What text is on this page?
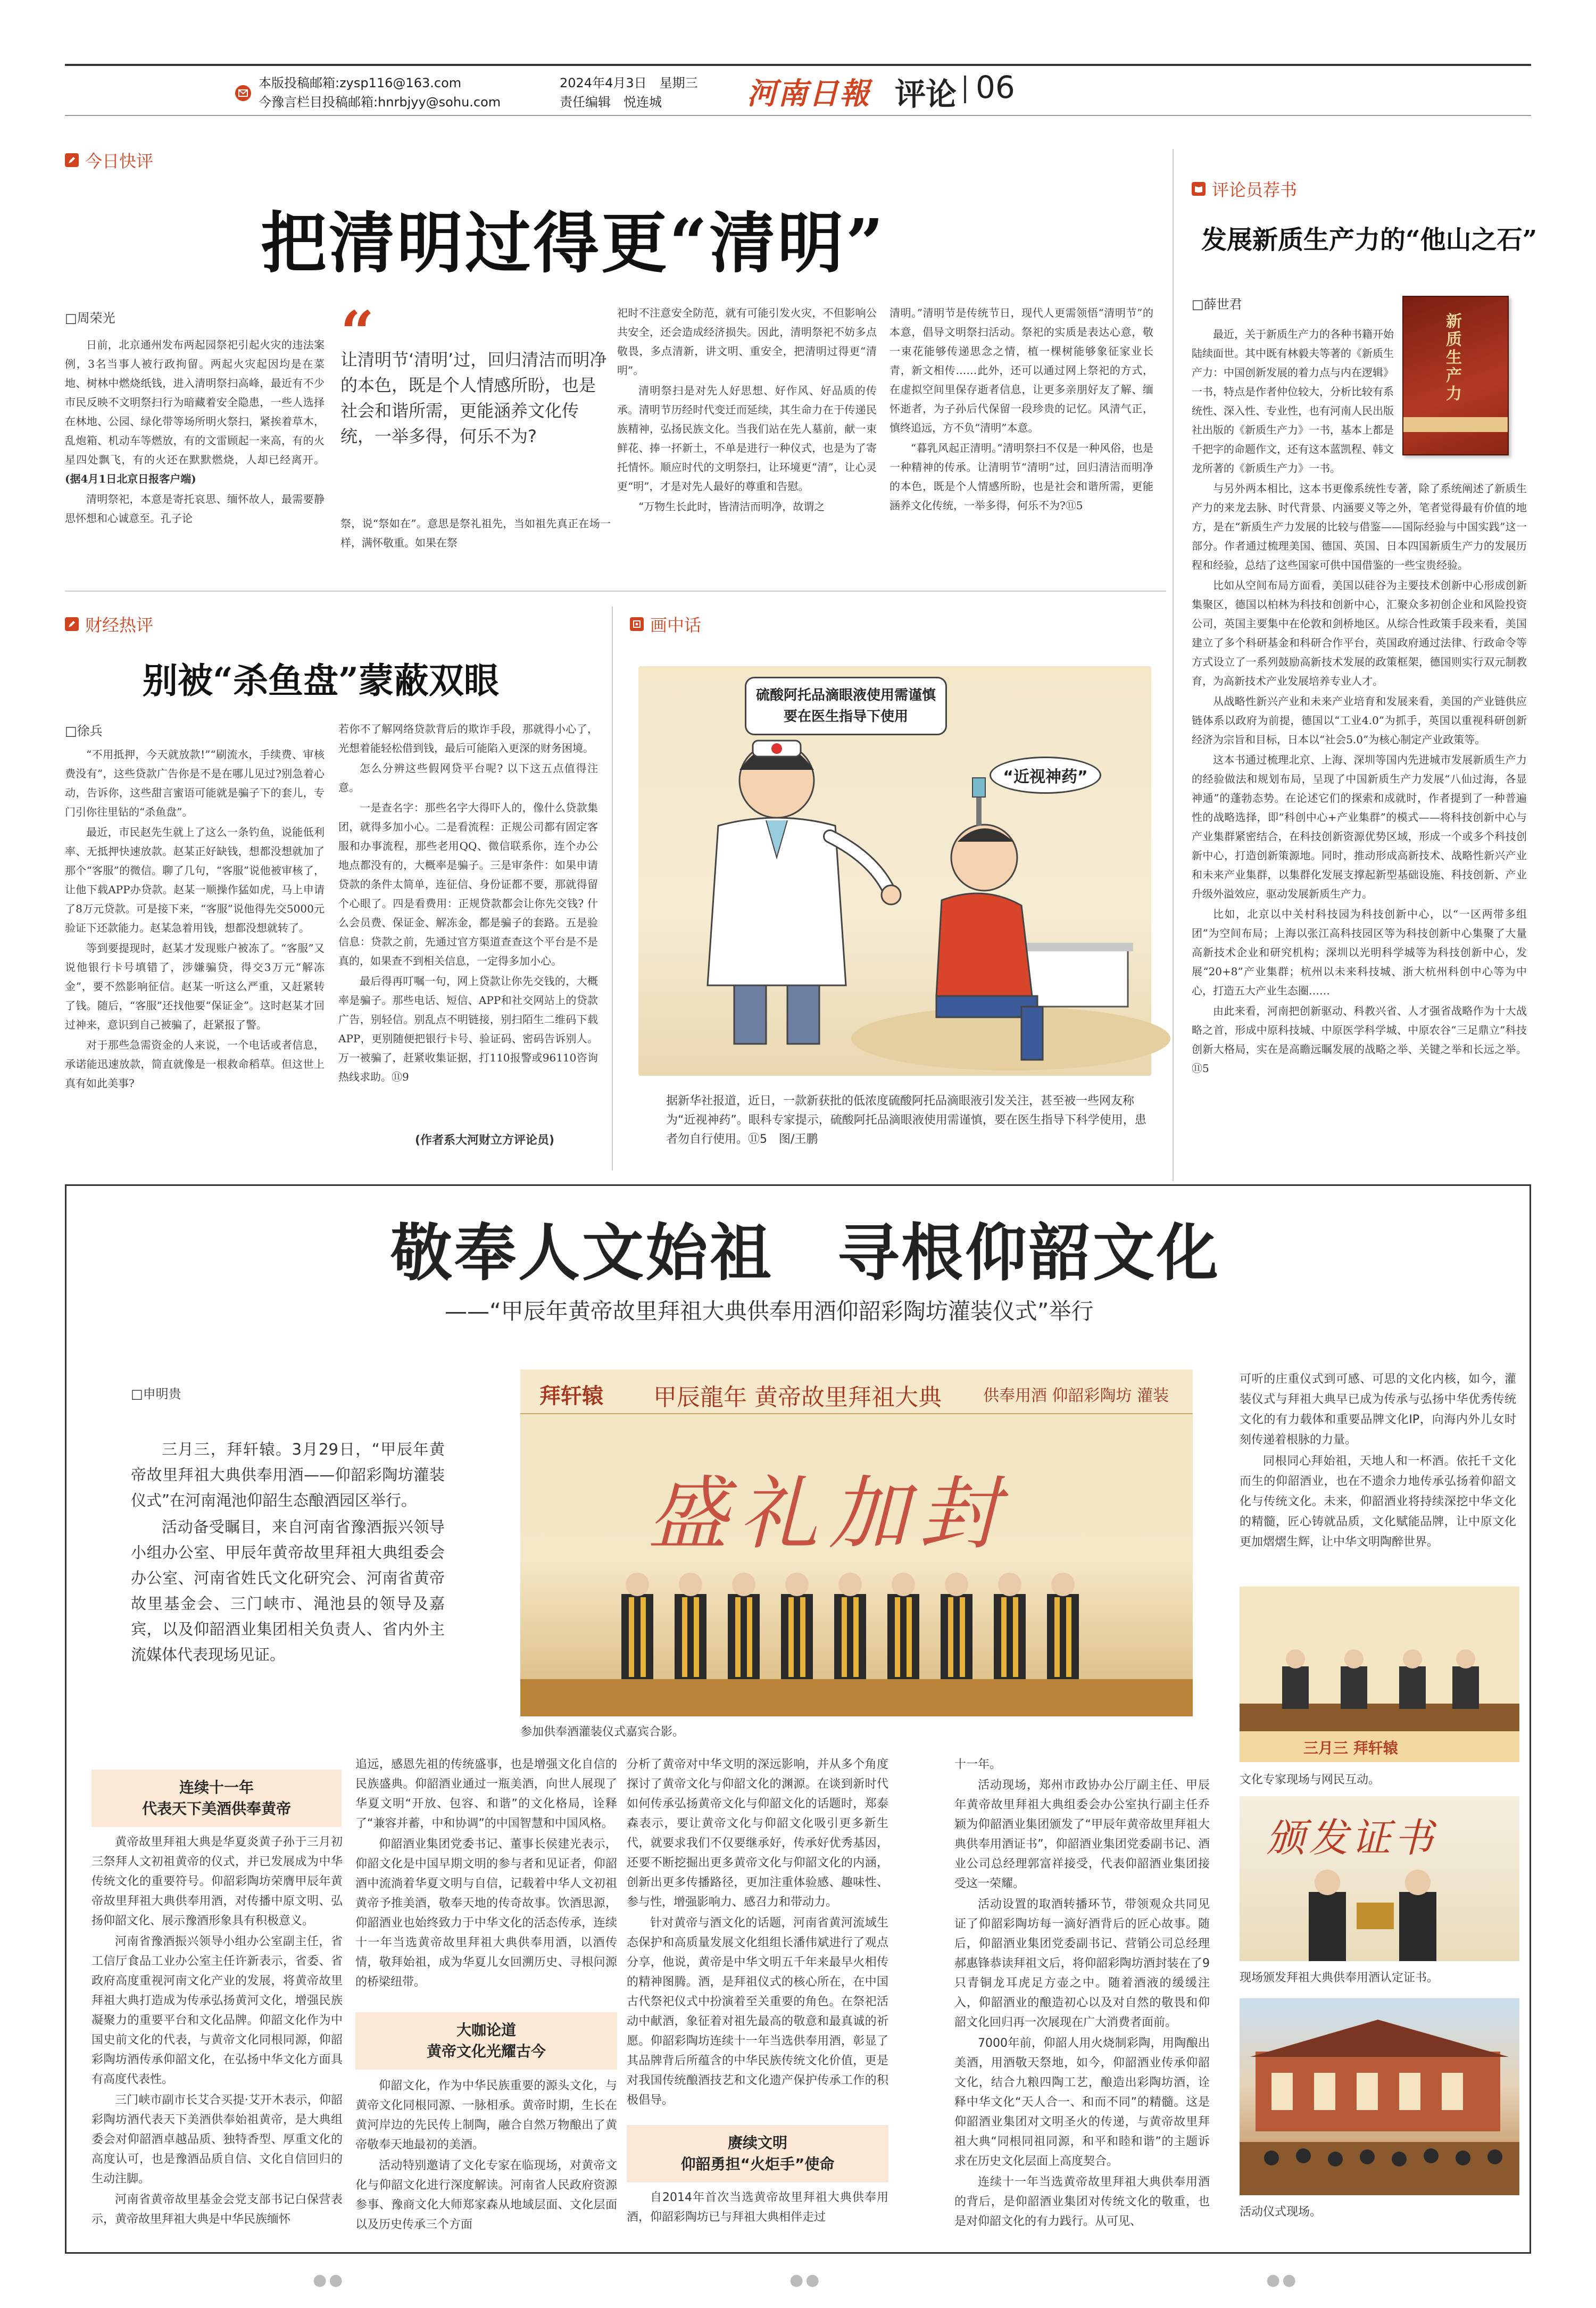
本版投稿邮箱:zysp116@163.com
今豫言栏目投稿邮箱:hnrbjyy@sohu.com
2024年4月3日　星期三
责任编辑　悦连城	河南日報 评论 06
今日快评
把清明过得更“清明”
□周荣光

日前，北京通州发布两起园祭祀引起火灾的违法案例，3名当事人被行政拘留。两起火灾起因均是在菜地、树林中燃烧纸钱，进入清明祭扫高峰，最近有不少市民反映不文明祭扫行为暗藏着安全隐患，一些人选择在林地、公园、绿化带等场所明火祭扫，紧挨着草木，乱炮箱、机动车等燃放，有的文雷顾起一来高，有的火星四处飘飞，有的火还在默默燃烧，人却已经离开。(据4月1日北京日报客户端)

清明祭祀，本意是寄托哀思、缅怀故人，最需要静思怀想和心诚意至。孔子论

“
让清明节‘清明’过，回归清洁而明净的本色，既是个人情感所盼，也是社会和谐所需，更能涵养文化传统，一举多得，何乐不为?

祭，说“祭如在”。意思是祭礼祖先，当如祖先真正在场一样，满怀敬重。如果在祭

祀时不注意安全防范，就有可能引发火灾，不但影响公共安全，还会造成经济损失。因此，清明祭祀不妨多点敬畏，多点清新，讲文明、重安全，把清明过得更“清明”。

清明祭扫是对先人好思想、好作风、好品质的传承。清明节历经时代变迁而延续，其生命力在于传递民族精神，弘扬民族文化。当我们站在先人墓前，献一束鲜花、捧一抔新土，不单是进行一种仪式，也是为了寄托情怀。顺应时代的文明祭扫，让环境更“清”，让心灵更“明”，才是对先人最好的尊重和告慰。

“万物生长此时，皆清洁而明净，故谓之

清明。”清明节是传统节日，现代人更需领悟“清明节”的本意，倡导文明祭扫活动。祭祀的实质是表达心意，敬一束花能够传递思念之情，植一棵树能够象征家业长青，新文相传……此外，还可以通过网上祭祀的方式，在虚拟空间里保存逝者信息，让更多亲朋好友了解、缅怀逝者，为子孙后代保留一段珍贵的记忆。风清气正，慎终追远，方不负“清明”本意。

“暮乳风起正清明。”清明祭扫不仅是一种风俗，也是一种精神的传承。让清明节“清明”过，回归清洁而明净的本色，既是个人情感所盼，也是社会和谐所需，更能涵养文化传统，一举多得，何乐不为?⑪5

财经热评
别被“杀鱼盘”蒙蔽双眼
□徐兵

“不用抵押，今天就放款!”“刷流水，手续费、审核费没有”，这些贷款广告你是不是在哪儿见过?别急着心动，告诉你，这些甜言蜜语可能就是骗子下的套儿，专门引你往里钻的“杀鱼盘”。

最近，市民赵先生就上了这么一条钓鱼，说能低利率、无抵押快速放款。赵某正好缺钱，想都没想就加了那个“客服”的微信。聊了几句，“客服”说他被审核了，让他下载APP办贷款。赵某一顺操作猛如虎，马上申请了8万元贷款。可是接下来，“客服”说他得先交5000元验证下还款能力。赵某急着用钱，想都没想就转了。

等到要提现时，赵某才发现账户被冻了。“客服”又说他银行卡号填错了，涉嫌骗贷，得交3万元“解冻金”，要不然影响征信。赵某一听这么严重，又赶紧转了钱。随后，“客服”还找他要“保证金”。这时赵某才回过神来，意识到自己被骗了，赶紧报了警。

对于那些急需资金的人来说，一个电话或者信息，承诺能迅速放款，简直就像是一根救命稻草。但这世上真有如此美事?

若你不了解网络贷款背后的欺诈手段，那就得小心了，光想着能轻松借到钱，最后可能陷入更深的财务困境。

怎么分辨这些假网贷平台呢? 以下这五点值得注意。

一是查名字：那些名字大得吓人的，像什么贷款集团，就得多加小心。二是看流程：正规公司都有固定客服和办事流程，那些老用QQ、微信联系你，连个办公地点都没有的，大概率是骗子。三是审条件：如果申请贷款的条件太简单，连征信、身份证都不要，那就得留个心眼了。四是看费用：正规贷款都会让你先交钱? 什么会员费、保证金、解冻金，都是骗子的套路。五是验信息：贷款之前，先通过官方渠道查查这个平台是不是真的，如果查不到相关信息，一定得多加小心。

最后得再叮嘱一句，网上贷款让你先交钱的，大概率是骗子。那些电话、短信、APP和社交网站上的贷款广告，别轻信。别乱点不明链接，别扫陌生二维码下载APP，更别随便把银行卡号、验证码、密码告诉别人。万一被骗了，赶紧收集证据，打110报警或96110咨询热线求助。⑪9

(作者系大河财立方评论员)
画中话
硫酸阿托品滴眼液使用需谨慎要在医生指导下使用
“近视神药”
据新华社报道，近日，一款新获批的低浓度硫酸阿托品滴眼液引发关注，甚至被一些网友称为“近视神药”。眼科专家提示，硫酸阿托品滴眼液使用需谨慎，要在医生指导下科学使用，患者勿自行使用。⑪5　图/王鹏
评论员荐书
发展新质生产力的“他山之石”
□薛世君
新质生产力

最近，关于新质生产力的各种书籍开始陆续面世。其中既有林毅夫等著的《新质生产力：中国创新发展的着力点与内在逻辑》一书，特点是作者仲位较大，分析比较有系统性、深入性、专业性，也有河南人民出版社出版的《新质生产力》一书，基本上都是千把字的命题作文，还有这本蓝凯程、韩文龙所著的《新质生产力》一书。

与另外两本相比，这本书更像系统性专著，除了系统阐述了新质生产力的来龙去脉、时代背景、内涵要义等之外，笔者觉得最有价值的地方，是在“新质生产力发展的比较与借鉴——国际经验与中国实践”这一部分。作者通过梳理美国、德国、英国、日本四国新质生产力的发展历程和经验，总结了这些国家可供中国借鉴的一些宝贵经验。

比如从空间布局方面看，美国以硅谷为主要技术创新中心形成创新集聚区，德国以柏林为科技和创新中心，汇聚众多初创企业和风险投资公司，英国主要集中在伦敦和剑桥地区。从综合性政策手段来看，美国建立了多个科研基金和科研合作平台，英国政府通过法律、行政命令等方式设立了一系列鼓励高新技术发展的政策框架，德国则实行双元制教育，为高新技术产业发展培养专业人才。

从战略性新兴产业和未来产业培育和发展来看，美国的产业链供应链体系以政府为前提，德国以“工业4.0”为抓手，英国以重视科研创新经济为宗旨和目标，日本以“社会5.0”为核心制定产业政策等。

这本书通过梳理北京、上海、深圳等国内先进城市发展新质生产力的经验做法和规划布局，呈现了中国新质生产力发展“八仙过海，各显神通”的蓬勃态势。在论述它们的探索和成就时，作者提到了一种普遍性的战略选择，即“科创中心+产业集群”的模式——将科技创新中心与产业集群紧密结合，在科技创新资源优势区域，形成一个或多个科技创新中心，打造创新策源地。同时，推动形成高新技术、战略性新兴产业和未来产业集群，以集群化发展支撑起新型基础设施、科技创新、产业升级外溢效应，驱动发展新质生产力。

比如，北京以中关村科技园为科技创新中心，以“一区两带多组团”为空间布局；上海以张江高科技园区等为科技创新中心集聚了大量高新技术企业和研究机构；深圳以光明科学城等为科技创新中心，发展“20+8”产业集群；杭州以未来科技城、浙大杭州科创中心等为中心，打造五大产业生态圈……

由此来看，河南把创新驱动、科教兴省、人才强省战略作为十大战略之首，形成中原科技城、中原医学科学城、中原农谷“三足鼎立”科技创新大格局，实在是高瞻远瞩发展的战略之举、关键之举和长远之举。⑪5

敬奉人文始祖　寻根仰韶文化
——“甲辰年黄帝故里拜祖大典供奉用酒仰韶彩陶坊灌装仪式”举行
□申明贵

三月三，拜轩辕。3月29日，“甲辰年黄帝故里拜祖大典供奉用酒——仰韶彩陶坊灌装仪式”在河南渑池仰韶生态酿酒园区举行。

活动备受瞩目，来自河南省豫酒振兴领导小组办公室、甲辰年黄帝故里拜祖大典组委会办公室、河南省姓氏文化研究会、河南省黄帝故里基金会、三门峡市、渑池县的领导及嘉宾，以及仰韶酒业集团相关负责人、省内外主流媒体代表现场见证。

拜轩辕 甲辰龍年 黄帝故里拜祖大典	供奉用酒 仰韶彩陶坊 灌装
盛礼加封
参加供奉酒灌装仪式嘉宾合影。

可听的庄重仪式到可感、可思的文化内核，如今，灌装仪式与拜祖大典早已成为传承与弘扬中华优秀传统文化的有力载体和重要品牌文化IP，向海内外儿女时刻传递着根脉的力量。

同根同心拜始祖，天地人和一杯酒。依托千文化而生的仰韶酒业，也在不遗余力地传承弘扬着仰韶文化与传统文化。未来，仰韶酒业将持续深挖中华文化的精髓，匠心铸就品质，文化赋能品牌，让中原文化更加熠熠生辉，让中华文明陶醉世界。

三月三 拜轩辕
文化专家现场与网民互动。
颁发证书
现场颁发拜祖大典供奉用酒认定证书。
活动仪式现场。
连续十一年
代表天下美酒供奉黄帝

黄帝故里拜祖大典是华夏炎黄子孙于三月初三祭拜人文初祖黄帝的仪式，并已发展成为中华传统文化的重要符号。仰韶彩陶坊荣膺甲辰年黄帝故里拜祖大典供奉用酒，对传播中原文明、弘扬仰韶文化、展示豫酒形象具有积极意义。

河南省豫酒振兴领导小组办公室副主任，省工信厅食品工业办公室主任许新表示，省委、省政府高度重视河南文化产业的发展，将黄帝故里拜祖大典打造成为传承弘扬黄河文化，增强民族凝聚力的重要平台和文化品牌。仰韶文化作为中国史前文化的代表，与黄帝文化同根同源，仰韶彩陶坊酒传承仰韶文化，在弘扬中华文化方面具有高度代表性。

三门峡市副市长艾合买提·艾开木表示，仰韶彩陶坊酒代表天下美酒供奉始祖黄帝，是大典组委会对仰韶酒卓越品质、独特香型、厚重文化的高度认可，也是豫酒品质自信、文化自信回归的生动注脚。

河南省黄帝故里基金会党支部书记白保营表示，黄帝故里拜祖大典是中华民族缅怀

追远，感恩先祖的传统盛事，也是增强文化自信的民族盛典。仰韶酒业通过一瓶美酒，向世人展现了华夏文明“开放、包容、和谐”的文化格局，诠释了“兼容并蓄，中和协调”的中国智慧和中国风格。

仰韶酒业集团党委书记、董事长侯建光表示，仰韶文化是中国早期文明的参与者和见证者，仰韶酒中流淌着华夏文明与自信，记载着中华人文初祖黄帝予推美酒，敬奉天地的传奇故事。饮酒思源，仰韶酒业也始终致力于中华文化的活态传承，连续十一年当选黄帝故里拜祖大典供奉用酒，以酒传情，敬拜始祖，成为华夏儿女回溯历史、寻根问源的桥梁纽带。

大咖论道
黄帝文化光耀古今

仰韶文化，作为中华民族重要的源头文化，与黄帝文化同根同源、一脉相承。黄帝时期，生长在黄河岸边的先民传上制陶，融合自然万物酿出了黄帝敬奉天地最初的美酒。

活动特别邀请了文化专家在临现场，对黄帝文化与仰韶文化进行深度解读。河南省人民政府资源参事、豫商文化大师郑家森从地域层面、文化层面以及历史传承三个方面

分析了黄帝对中华文明的深远影响，并从多个角度探讨了黄帝文化与仰韶文化的渊源。在谈到新时代如何传承弘扬黄帝文化与仰韶文化的话题时，郑泰森表示，要让黄帝文化与仰韶文化吸引更多新生代，就要求我们不仅要继承好，传承好优秀基因，还要不断挖掘出更多黄帝文化与仰韶文化的内涵，创新出更多传播路径，更加注重体验感、趣味性、参与性，增强影响力、感召力和带动力。

针对黄帝与酒文化的话题，河南省黄河流域生态保护和高质量发展文化组组长潘伟斌进行了观点分享，他说，黄帝是中华文明五千年来最早火相传的精神图腾。酒，是拜祖仪式的核心所在，在中国古代祭祀仪式中扮演着至关重要的角色。在祭祀活动中献酒，象征着对祖先最高的敬意和最真诚的祈愿。仰韶彩陶坊连续十一年当选供奉用酒，彰显了其品牌背后所蕴含的中华民族传统文化价值，更是对我国传统酿酒技艺和文化遗产保护传承工作的积极倡导。

赓续文明
仰韶勇担“火炬手”使命

自2014年首次当选黄帝故里拜祖大典供奉用酒，仰韶彩陶坊已与拜祖大典相伴走过

十一年。

活动现场，郑州市政协办公厅副主任、甲辰年黄帝故里拜祖大典组委会办公室执行副主任乔颖为仰韶酒业集团颁发了“甲辰年黄帝故里拜祖大典供奉用酒证书”，仰韶酒业集团党委副书记、酒业公司总经理郭富祥接受，代表仰韶酒业集团接受这一荣耀。

活动设置的取酒转播环节，带领观众共同见证了仰韶彩陶坊每一滴好酒背后的匠心故事。随后，仰韶酒业集团党委副书记、营销公司总经理郝惠锋恭读拜祖文后，将仰韶彩陶坊酒封装在了9只青铜龙耳虎足方壶之中。随着酒液的缓缓注入，仰韶酒业的酿造初心以及对自然的敬畏和仰韶文化回归再一次展现在广大消费者面前。

7000年前，仰韶人用火烧制彩陶，用陶酿出美酒，用酒敬天祭地，如今，仰韶酒业传承仰韶文化，结合九粮四陶工艺，酿造出彩陶坊酒，诠释中华文化“天人合一、和而不同”的精髓。这是仰韶酒业集团对文明圣火的传递，与黄帝故里拜祖大典“同根同祖同源，和平和睦和谐”的主题诉求在历史文化层面上高度契合。

连续十一年当选黄帝故里拜祖大典供奉用酒的背后，是仰韶酒业集团对传统文化的敬重，也是对仰韶文化的有力践行。从可见、

●●	●●	●●
